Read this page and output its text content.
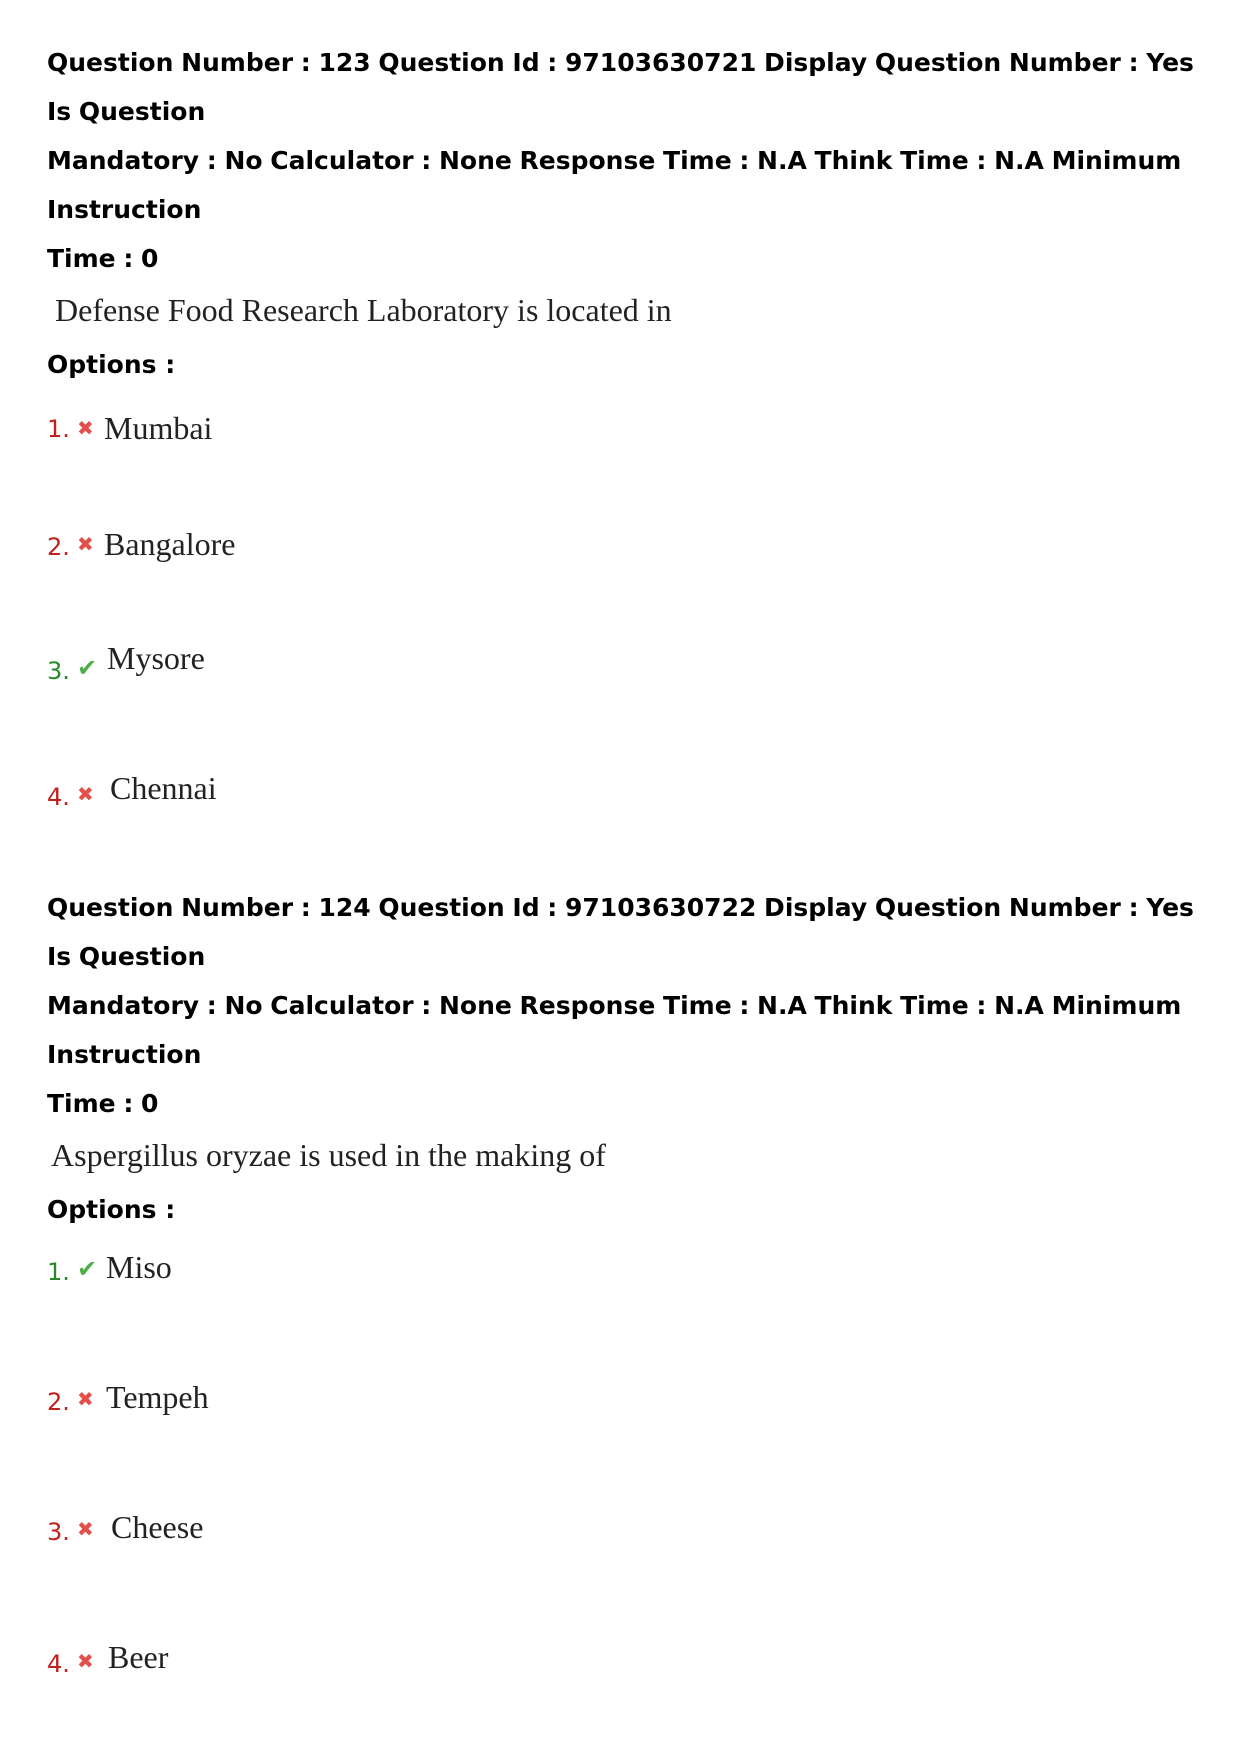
Question Number : 123 Question Id : 97103630721 Display Question Number : Yes Is Question

Mandatory : No Calculator : None Response Time : N.A Think Time : N.A Minimum Instruction

Time : 0

Defense Food Research Laboratory is located in

Options :

1. ✖ Mumbai
2. ✖ Bangalore
3. ✔ Mysore
4. ✖ Chennai

Question Number : 124 Question Id : 97103630722 Display Question Number : Yes Is Question

Mandatory : No Calculator : None Response Time : N.A Think Time : N.A Minimum Instruction

Time : 0

Aspergillus oryzae is used in the making of

Options :

1. ✔ Miso
2. ✖ Tempeh
3. ✖ Cheese
4. ✖ Beer
